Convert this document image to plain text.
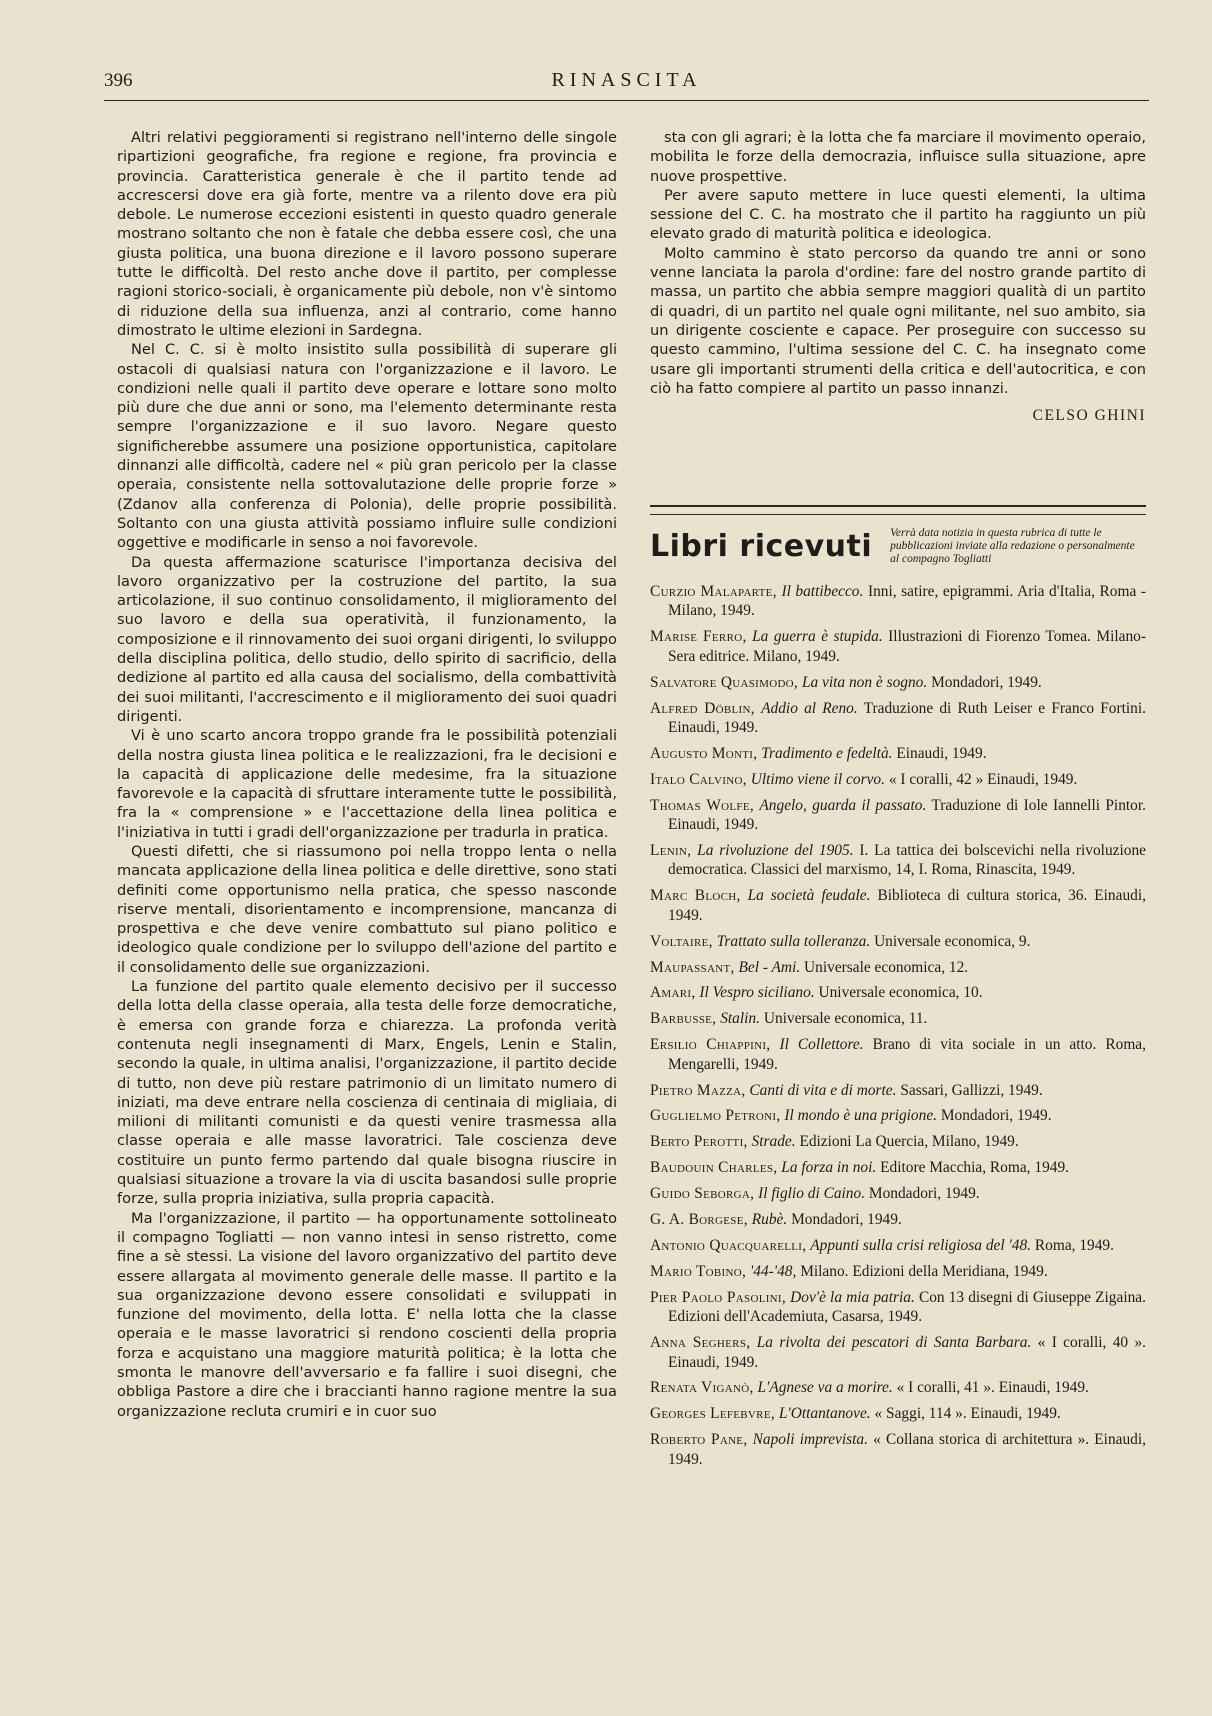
396	RINASCITA

Altri relativi peggioramenti si registrano nell'interno delle singole ripartizioni geografiche, fra regione e regione, fra provincia e provincia. Caratteristica generale è che il partito tende ad accrescersi dove era già forte, mentre va a rilento dove era più debole. Le numerose eccezioni esistenti in questo quadro generale mostrano soltanto che non è fatale che debba essere così, che una giusta politica, una buona direzione e il lavoro possono superare tutte le difficoltà. Del resto anche dove il partito, per complesse ragioni storico-sociali, è organicamente più debole, non v'è sintomo di riduzione della sua influenza, anzi al contrario, come hanno dimostrato le ultime elezioni in Sardegna.

Nel C. C. si è molto insistito sulla possibilità di superare gli ostacoli di qualsiasi natura con l'organizzazione e il lavoro. Le condizioni nelle quali il partito deve operare e lottare sono molto più dure che due anni or sono, ma l'elemento determinante resta sempre l'organizzazione e il suo lavoro. Negare questo significherebbe assumere una posizione opportunistica, capitolare dinnanzi alle difficoltà, cadere nel « più gran pericolo per la classe operaia, consistente nella sottovalutazione delle proprie forze » (Zdanov alla conferenza di Polonia), delle proprie possibilità. Soltanto con una giusta attività possiamo influire sulle condizioni oggettive e modificarle in senso a noi favorevole.

Da questa affermazione scaturisce l'importanza decisiva del lavoro organizzativo per la costruzione del partito, la sua articolazione, il suo continuo consolidamento, il miglioramento del suo lavoro e della sua operatività, il funzionamento, la composizione e il rinnovamento dei suoi organi dirigenti, lo sviluppo della disciplina politica, dello studio, dello spirito di sacrificio, della dedizione al partito ed alla causa del socialismo, della combattività dei suoi militanti, l'accrescimento e il miglioramento dei suoi quadri dirigenti.

Vi è uno scarto ancora troppo grande fra le possibilità potenziali della nostra giusta linea politica e le realizzazioni, fra le decisioni e la capacità di applicazione delle medesime, fra la situazione favorevole e la capacità di sfruttare interamente tutte le possibilità, fra la « comprensione » e l'accettazione della linea politica e l'iniziativa in tutti i gradi dell'organizzazione per tradurla in pratica.

Questi difetti, che si riassumono poi nella troppo lenta o nella mancata applicazione della linea politica e delle direttive, sono stati definiti come opportunismo nella pratica, che spesso nasconde riserve mentali, disorientamento e incomprensione, mancanza di prospettiva e che deve venire combattuto sul piano politico e ideologico quale condizione per lo sviluppo dell'azione del partito e il consolidamento delle sue organizzazioni.

La funzione del partito quale elemento decisivo per il successo della lotta della classe operaia, alla testa delle forze democratiche, è emersa con grande forza e chiarezza. La profonda verità contenuta negli insegnamenti di Marx, Engels, Lenin e Stalin, secondo la quale, in ultima analisi, l'organizzazione, il partito decide di tutto, non deve più restare patrimonio di un limitato numero di iniziati, ma deve entrare nella coscienza di centinaia di migliaia, di milioni di militanti comunisti e da questi venire trasmessa alla classe operaia e alle masse lavoratrici. Tale coscienza deve costituire un punto fermo partendo dal quale bisogna riuscire in qualsiasi situazione a trovare la via di uscita basandosi sulle proprie forze, sulla propria iniziativa, sulla propria capacità.

Ma l'organizzazione, il partito — ha opportunamente sottolineato il compagno Togliatti — non vanno intesi in senso ristretto, come fine a sè stessi. La visione del lavoro organizzativo del partito deve essere allargata al movimento generale delle masse. Il partito e la sua organizzazione devono essere consolidati e sviluppati in funzione del movimento, della lotta. E' nella lotta che la classe operaia e le masse lavoratrici si rendono coscienti della propria forza e acquistano una maggiore maturità politica; è la lotta che smonta le manovre dell'avversario e fa fallire i suoi disegni, che obbliga Pastore a dire che i braccianti hanno ragione mentre la sua organizzazione recluta crumiri e in cuor suo

sta con gli agrari; è la lotta che fa marciare il movimento operaio, mobilita le forze della democrazia, influisce sulla situazione, apre nuove prospettive.

Per avere saputo mettere in luce questi elementi, la ultima sessione del C. C. ha mostrato che il partito ha raggiunto un più elevato grado di maturità politica e ideologica.

Molto cammino è stato percorso da quando tre anni or sono venne lanciata la parola d'ordine: fare del nostro grande partito di massa, un partito che abbia sempre maggiori qualità di un partito di quadri, di un partito nel quale ogni militante, nel suo ambito, sia un dirigente cosciente e capace. Per proseguire con successo su questo cammino, l'ultima sessione del C. C. ha insegnato come usare gli importanti strumenti della critica e dell'autocritica, e con ciò ha fatto compiere al partito un passo innanzi.

CELSO GHINI
Libri ricevuti Verrà data notizia in questa rubrica di tutte le pubblicazioni inviate alla redazione o personalmente al compagno Togliatti
Curzio Malaparte, Il battibecco. Inni, satire, epigrammi. Aria d'Italia, Roma - Milano, 1949.
Marise Ferro, La guerra è stupida. Illustrazioni di Fiorenzo Tomea. Milano-Sera editrice. Milano, 1949.
Salvatore Quasimodo, La vita non è sogno. Mondadori, 1949.
Alfred Döblin, Addio al Reno. Traduzione di Ruth Leiser e Franco Fortini. Einaudi, 1949.
Augusto Monti, Tradimento e fedeltà. Einaudi, 1949.
Italo Calvino, Ultimo viene il corvo. « I coralli, 42 » Einaudi, 1949.
Thomas Wolfe, Angelo, guarda il passato. Traduzione di Iole Iannelli Pintor. Einaudi, 1949.
Lenin, La rivoluzione del 1905. I. La tattica dei bolscevichi nella rivoluzione democratica. Classici del marxismo, 14, I. Roma, Rinascita, 1949.
Marc Bloch, La società feudale. Biblioteca di cultura storica, 36. Einaudi, 1949.
Voltaire, Trattato sulla tolleranza. Universale economica, 9.
Maupassant, Bel - Ami. Universale economica, 12.
Amari, Il Vespro siciliano. Universale economica, 10.
Barbusse, Stalin. Universale economica, 11.
Ersilio Chiappini, Il Collettore. Brano di vita sociale in un atto. Roma, Mengarelli, 1949.
Pietro Mazza, Canti di vita e di morte. Sassari, Gallizzi, 1949.
Guglielmo Petroni, Il mondo è una prigione. Mondadori, 1949.
Berto Perotti, Strade. Edizioni La Quercia, Milano, 1949.
Baudouin Charles, La forza in noi. Editore Macchia, Roma, 1949.
Guido Seborga, Il figlio di Caino. Mondadori, 1949.
G. A. Borgese, Rubè. Mondadori, 1949.
Antonio Quacquarelli, Appunti sulla crisi religiosa del '48. Roma, 1949.
Mario Tobino, '44-'48, Milano. Edizioni della Meridiana, 1949.
Pier Paolo Pasolini, Dov'è la mia patria. Con 13 disegni di Giuseppe Zigaina. Edizioni dell'Academiuta, Casarsa, 1949.
Anna Seghers, La rivolta dei pescatori di Santa Barbara. « I coralli, 40 ». Einaudi, 1949.
Renata Viganò, L'Agnese va a morire. « I coralli, 41 ». Einaudi, 1949.
Georges Lefebvre, L'Ottantanove. « Saggi, 114 ». Einaudi, 1949.
Roberto Pane, Napoli imprevista. « Collana storica di architettura ». Einaudi, 1949.
